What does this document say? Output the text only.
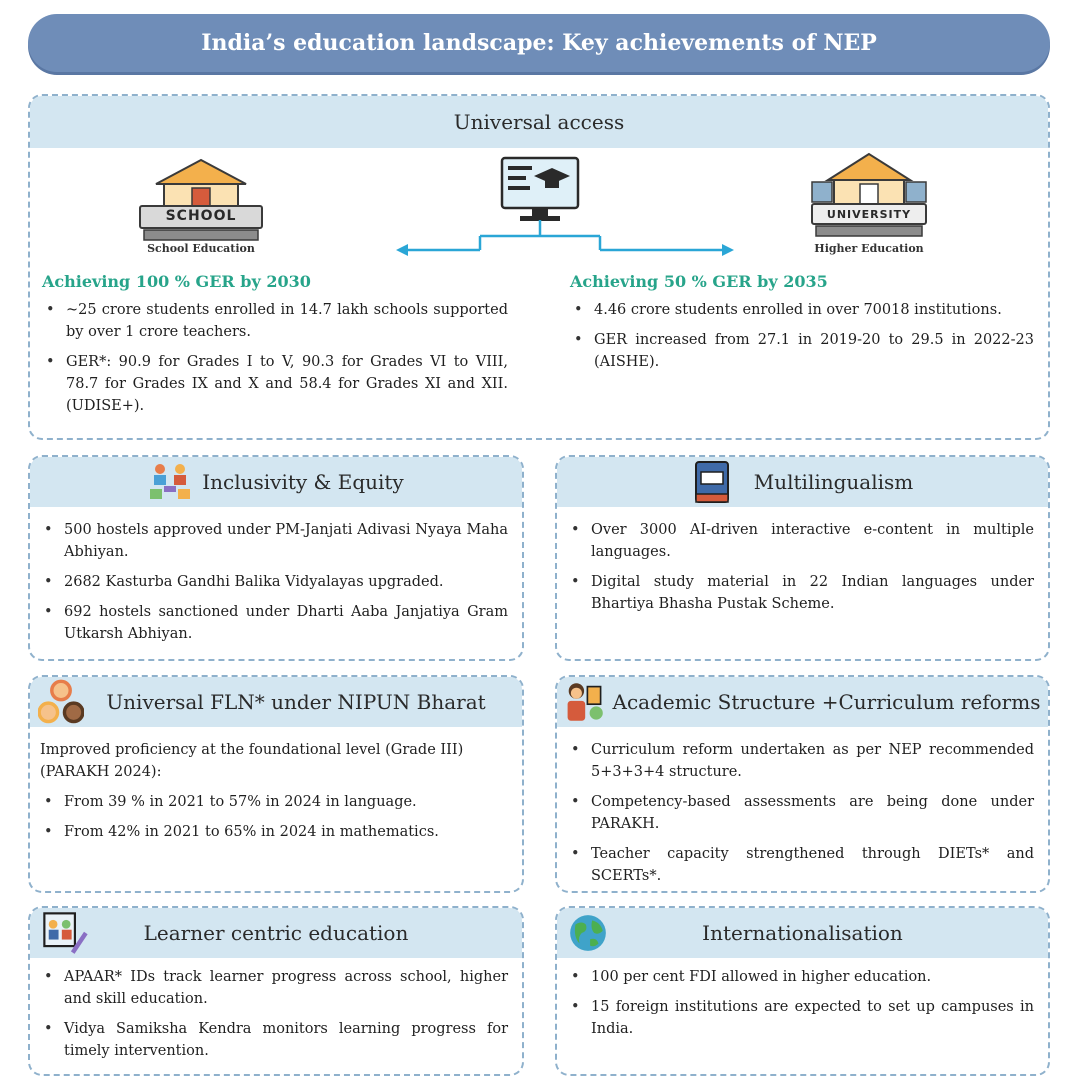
India’s education landscape: Key achievements of NEP
Universal access
SCHOOL
School Education
UNIVERSITY
Higher Education
Achieving 100 % GER by 2030
• ~25 crore students enrolled in 14.7 lakh schools supported by over 1 crore teachers.
• GER*: 90.9 for Grades I to V, 90.3 for Grades VI to VIII, 78.7 for Grades IX and X and 58.4 for Grades XI and XII. (UDISE+).
Achieving 50 % GER by 2035
• 4.46 crore students enrolled in over 70018 institutions.
• GER increased from 27.1 in 2019-20 to 29.5 in 2022-23 (AISHE).
Inclusivity & Equity
• 500 hostels approved under PM-Janjati Adivasi Nyaya Maha Abhiyan.
• 2682 Kasturba Gandhi Balika Vidyalayas upgraded.
• 692 hostels sanctioned under Dharti Aaba Janjatiya Gram Utkarsh Abhiyan.
Multilingualism
• Over 3000 AI-driven interactive e-content in multiple languages.
• Digital study material in 22 Indian languages under Bhartiya Bhasha Pustak Scheme.
Universal FLN* under NIPUN Bharat
Improved proficiency at the foundational level (Grade III) (PARAKH 2024):
• From 39 % in 2021 to 57% in 2024 in language.
• From 42% in 2021 to 65% in 2024 in mathematics.
Academic Structure +Curriculum reforms
• Curriculum reform undertaken as per NEP recommended 5+3+3+4 structure.
• Competency-based assessments are being done under PARAKH.
• Teacher capacity strengthened through DIETs* and SCERTs*.
Learner centric education
• APAAR* IDs track learner progress across school, higher and skill education.
• Vidya Samiksha Kendra monitors learning progress for timely intervention.
Internationalisation
• 100 per cent FDI allowed in higher education.
• 15 foreign institutions are expected to set up campuses in India.
